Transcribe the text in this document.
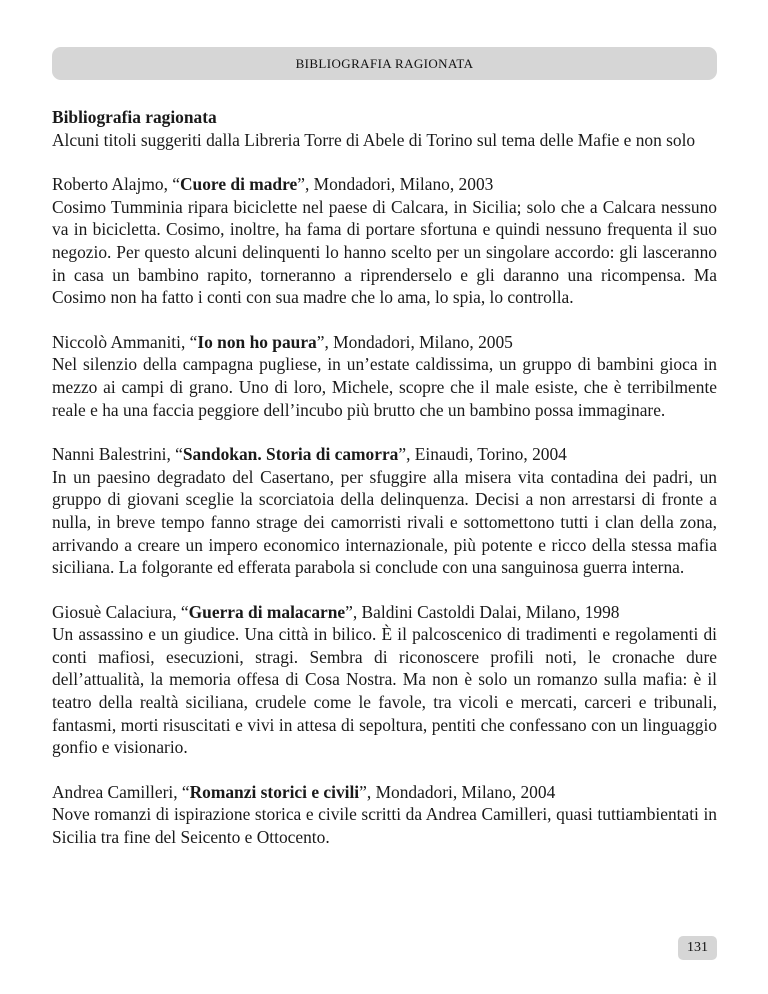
BIBLIOGRAFIA RAGIONATA
Bibliografia ragionata
Alcuni titoli suggeriti dalla Libreria Torre di Abele di Torino sul tema delle Mafie e non solo

Roberto Alajmo, “Cuore di madre”, Mondadori, Milano, 2003

Cosimo Tumminia ripara biciclette nel paese di Calcara, in Sicilia; solo che a Calcara nessuno va in bicicletta. Cosimo, inoltre, ha fama di portare sfortuna e quindi nessuno frequenta il suo negozio. Per questo alcuni delinquenti lo hanno scelto per un singolare accordo: gli lasceranno in casa un bambino rapito, torneranno a riprenderselo e gli daranno una ricompensa. Ma Cosimo non ha fatto i conti con sua madre che lo ama, lo spia, lo controlla.

Niccolò Ammaniti, “Io non ho paura”, Mondadori, Milano, 2005

Nel silenzio della campagna pugliese, in un’estate caldissima, un gruppo di bambini gioca in mezzo ai campi di grano. Uno di loro, Michele, scopre che il male esiste, che è terribilmente reale e ha una faccia peggiore dell’incubo più brutto che un bambino possa immaginare.

Nanni Balestrini, “Sandokan. Storia di camorra”, Einaudi, Torino, 2004

In un paesino degradato del Casertano, per sfuggire alla misera vita contadina dei padri, un gruppo di giovani sceglie la scorciatoia della delinquenza. Decisi a non arrestarsi di fronte a nulla, in breve tempo fanno strage dei camorristi rivali e sottomettono tutti i clan della zona, arrivando a creare un impero economico internazionale, più potente e ricco della stessa mafia siciliana. La folgorante ed efferata parabola si conclude con una sanguinosa guerra interna.

Giosuè Calaciura, “Guerra di malacarne”, Baldini Castoldi Dalai, Milano, 1998

Un assassino e un giudice. Una città in bilico. È il palcoscenico di tradimenti e regolamenti di conti mafiosi, esecuzioni, stragi. Sembra di riconoscere profili noti, le cronache dure dell’attualità, la memoria offesa di Cosa Nostra. Ma non è solo un romanzo sulla mafia: è il teatro della realtà siciliana, crudele come le favole, tra vicoli e mercati, carceri e tribunali, fantasmi, morti risuscitati e vivi in attesa di sepoltura, pentiti che confessano con un linguaggio gonfio e visionario.

Andrea Camilleri, “Romanzi storici e civili”, Mondadori, Milano, 2004

Nove romanzi di ispirazione storica e civile scritti da Andrea Camilleri, quasi tuttiambientati in Sicilia tra fine del Seicento e Ottocento.

131
